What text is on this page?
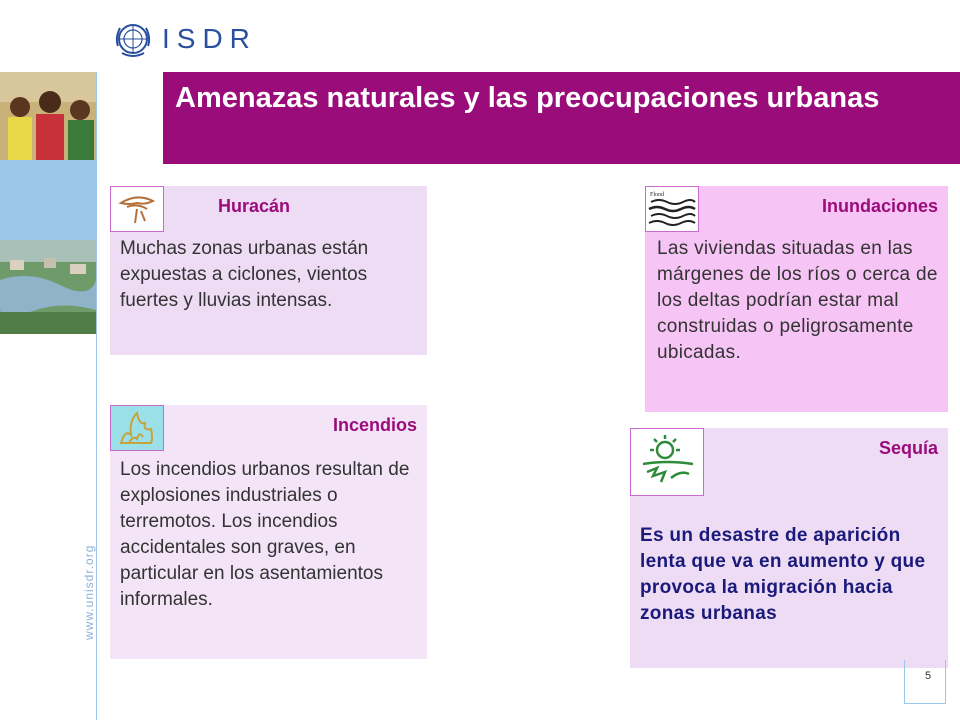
ISDR
www.unisdr.org
Amenazas naturales y las preocupaciones urbanas
Huracán
Muchas zonas urbanas están expuestas a ciclones, vientos fuertes y lluvias intensas.
Incendios
Los incendios urbanos resultan de explosiones industriales o terremotos. Los incendios accidentales son graves, en particular en los asentamientos informales.
Flood
Inundaciones
Las viviendas situadas en las márgenes de los ríos o cerca de los deltas podrían estar mal construidas o peligrosamente ubicadas.
Sequía
Es un desastre de aparición lenta que va en aumento y que provoca la migración hacia zonas urbanas
5
